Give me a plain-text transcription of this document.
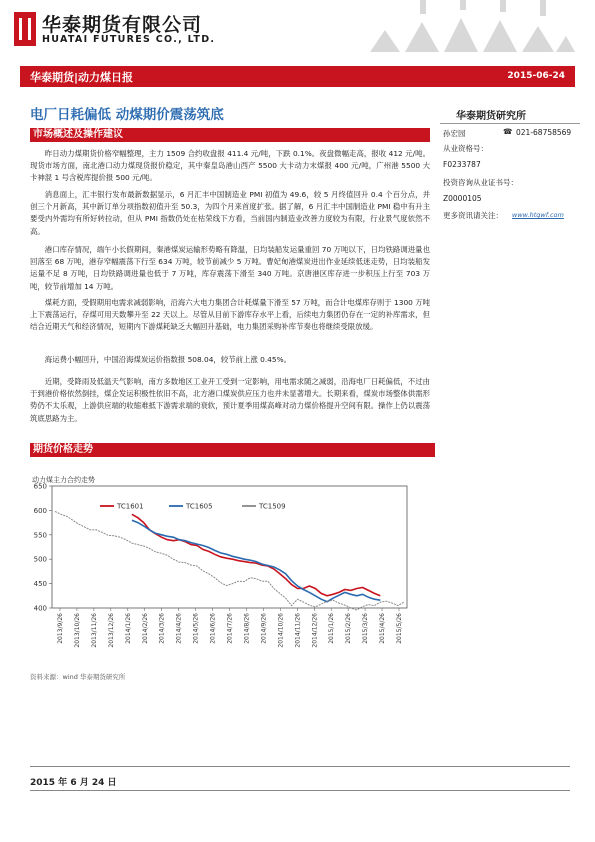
华泰期货有限公司
HUATAI FUTURES CO., LTD.
华泰期货|动力煤日报	2015-06-24
电厂日耗偏低 动煤期价震荡筑底	华泰期货研究所
孙宏园	☎ 021-68758569
从业资格号：
F0233787
投资咨询从业证书号：
Z0000105
更多资讯请关注： www.htgwf.com
市场概述及操作建议
昨日动力煤期货价格窄幅整理，主力 1509 合约收盘报 411.4 元/吨，下跌 0.1%。夜盘微幅走高，报收 412 元/吨。现货市场方面，南北港口动力煤现货报价稳定，其中秦皇岛港山西产 5500 大卡动力末煤报 400 元/吨，广州港 5500 大卡神混 1 号含税库提价报 500 元/吨。
消息面上，汇丰银行发布最新数据显示，6 月汇丰中国制造业 PMI 初值为 49.6，较 5 月终值回升 0.4 个百分点，并创三个月新高，其中新订单分项指数初值升至 50.3，为四个月来首度扩张。据了解，6 月汇丰中国制造业 PMI 稳中有升主要受内外需均有所好转拉动，但从 PMI 指数仍处在枯荣线下方看，当前国内制造业改善力度较为有限，行业景气度依然不高。
港口库存情况，端午小长假期间，秦港煤炭运输形势略有降温，日均装船发运量重回 70 万吨以下，日均铁路调进量也回落至 68 万吨，港存窄幅震荡下行至 634 万吨，较节前减少 5 万吨。曹妃甸港煤炭进出作业延续低迷走势，日均装船发运量不足 8 万吨，日均铁路调进量也低于 7 万吨，库存震荡下滑至 340 万吨。京唐港区库存进一步积压上行至 703 万吨，较节前增加 14 万吨。
煤耗方面，受假期用电需求减弱影响，沿海六大电力集团合计耗煤量下滑至 57 万吨，而合计电煤库存则于 1300 万吨上下震荡运行，存煤可用天数攀升至 22 天以上。尽管从目前下游库存水平上看，后续电力集团仍存在一定的补库需求，但结合近期天气和经济情况，短期内下游煤耗缺乏大幅回升基础，电力集团采购补库节奏也将继续受限放缓。
海运费小幅回升，中国沿海煤炭运价指数报 508.04，较节前上涨 0.45%。
近期，受降雨及低温天气影响，南方多数地区工业开工受到一定影响，用电需求随之减弱，沿海电厂日耗偏低，不过由于到港价格依然倒挂，煤企发运积极性依旧不高，北方港口煤炭供应压力也并未显著增大。长期来看，煤炭市场整体供需形势仍不太乐观，上游供应端的收缩难抵下游需求端的衰软，预计夏季用煤高峰对动力煤价格提升空间有限。操作上仍以震荡筑底思路为主。
期货价格走势
动力煤主力合约走势
400
450
500
550
600
650
2013/9/26 2013/10/26 2013/11/26 2013/12/26 2014/1/26 2014/2/26 2014/3/26 2014/4/26 2014/5/26 2014/6/26 2014/7/26 2014/8/26 2014/9/26 2014/10/26 2014/11/26 2014/12/26 2015/1/26 2015/2/26 2015/3/26 2015/4/26 2015/5/26
TC1601	TC1605	TC1509
资料来源：wind 华泰期货研究所
2015 年 6 月 24 日
